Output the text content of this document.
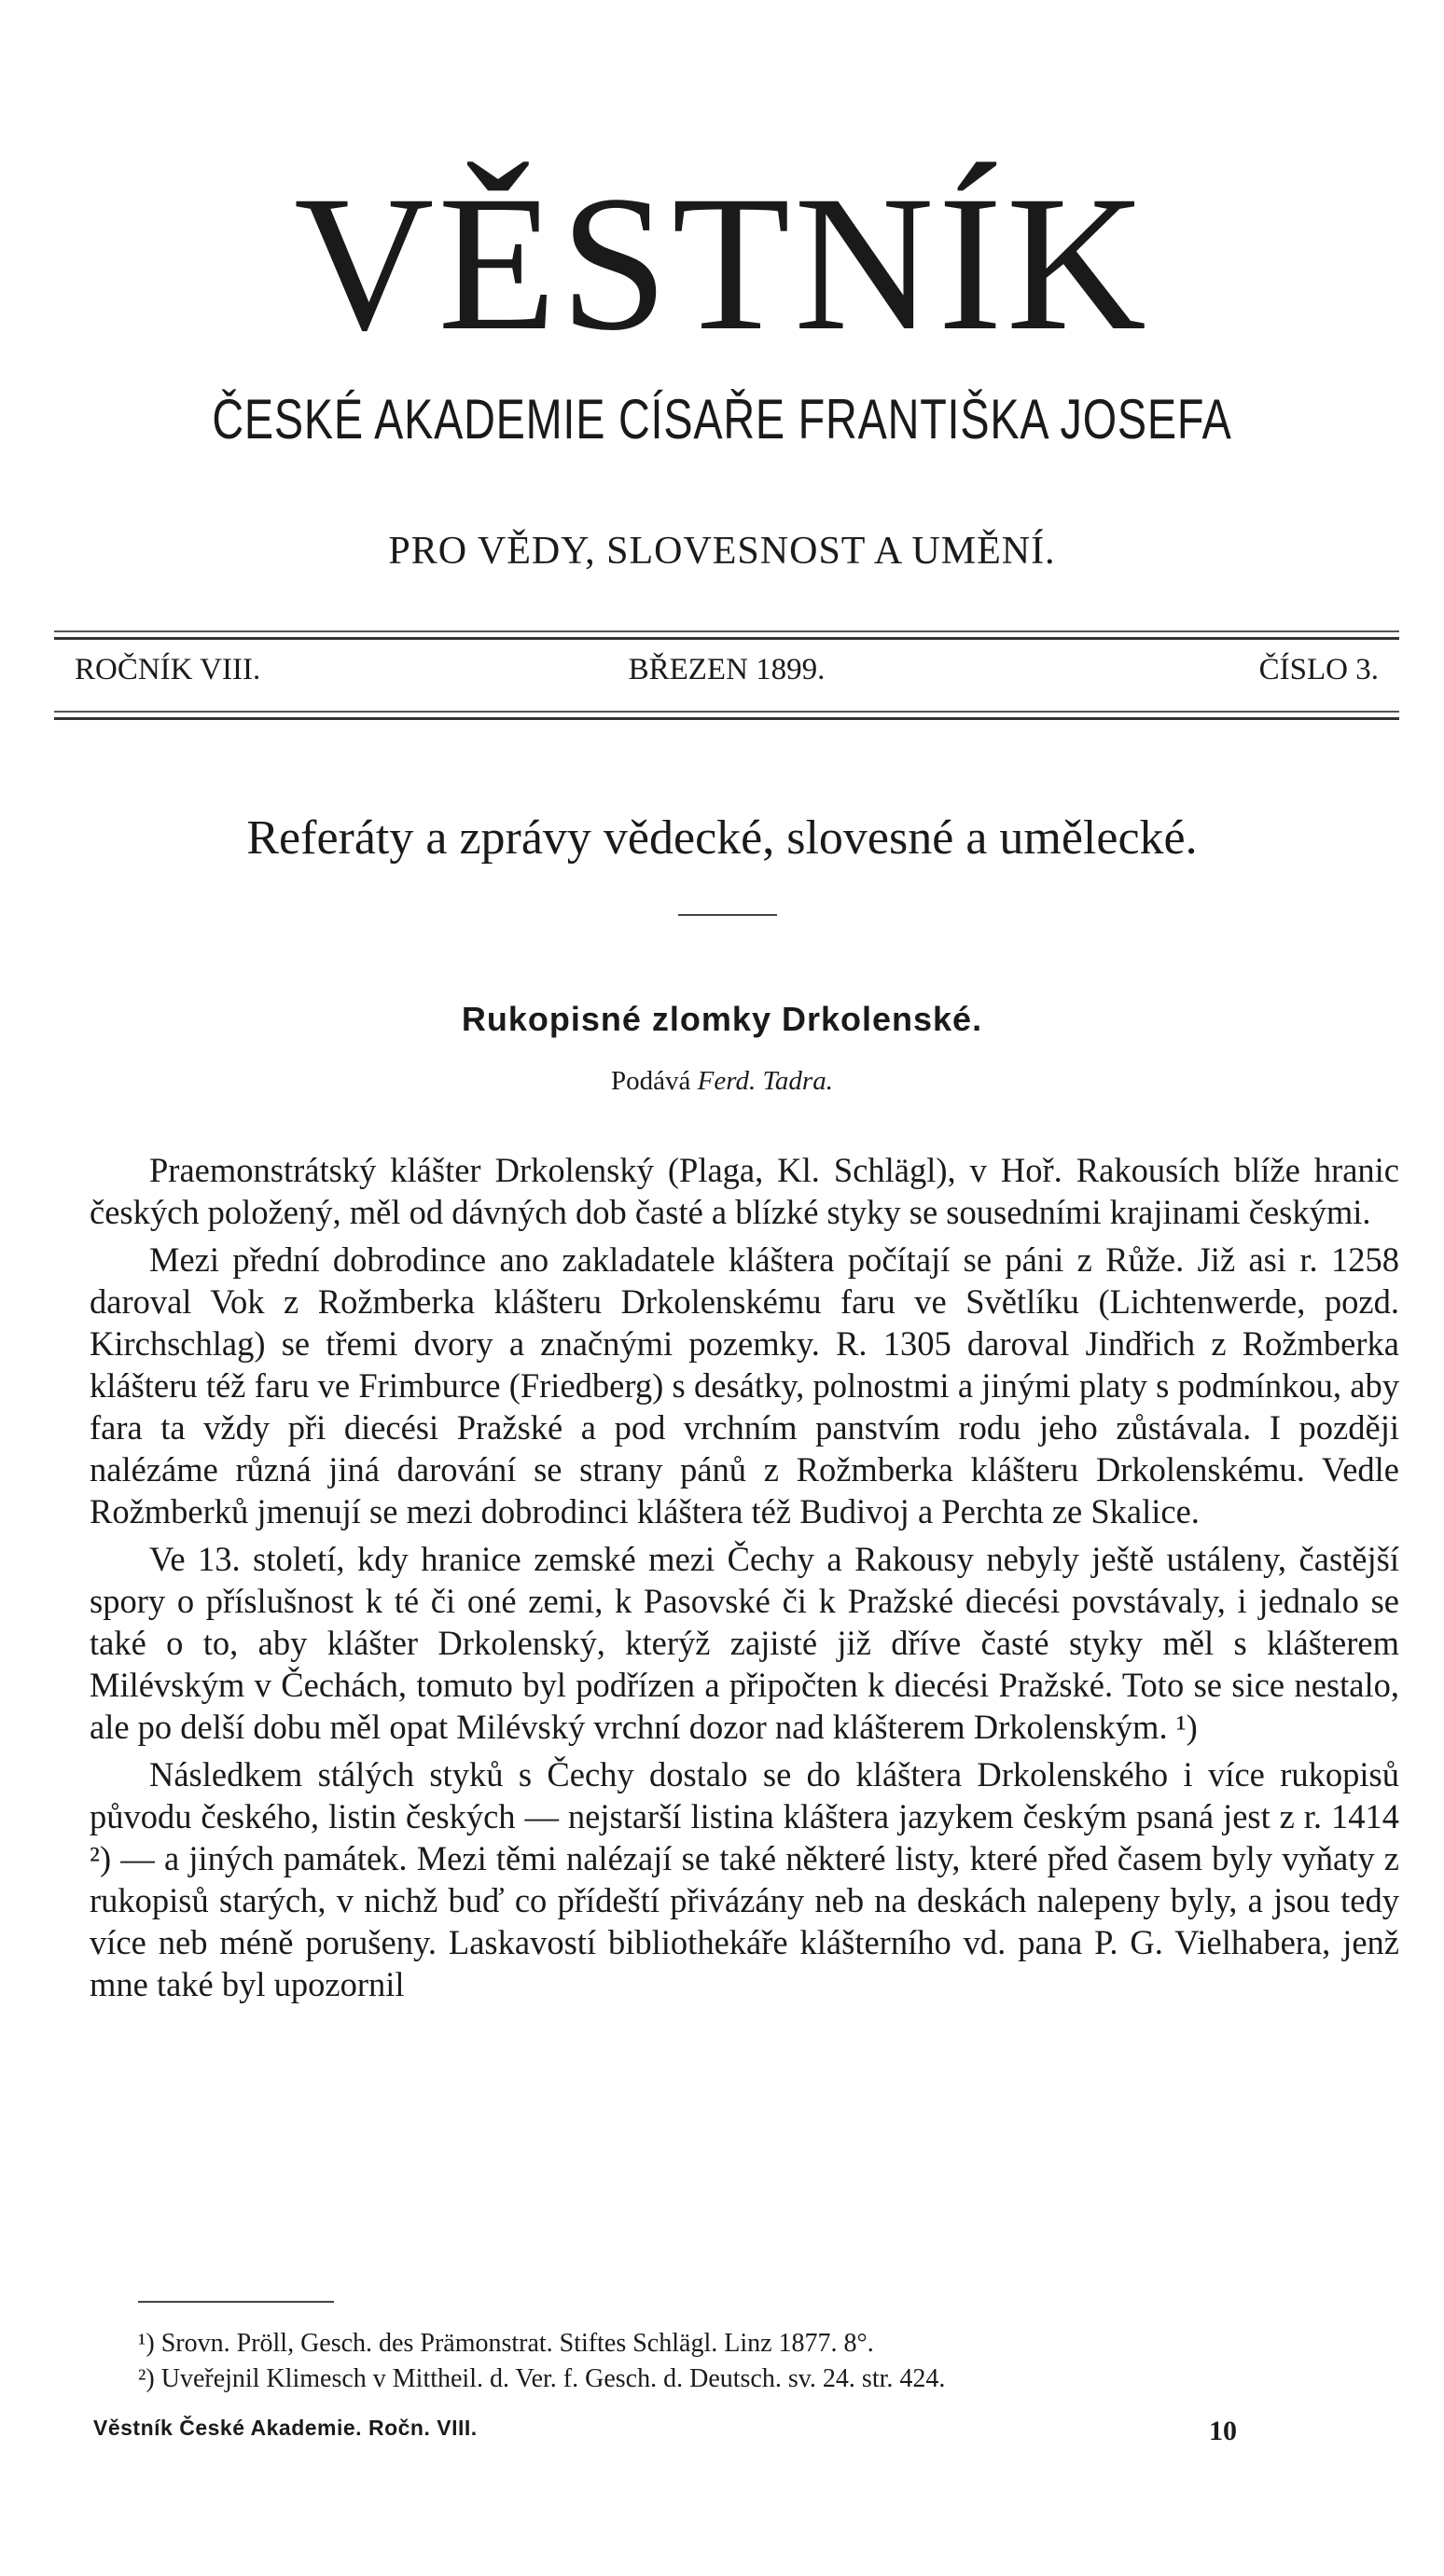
VĚSTNÍK
ČESKÉ AKADEMIE CÍSAŘE FRANTIŠKA JOSEFA
PRO VĚDY, SLOVESNOST A UMĚNÍ.
ROČNÍK VIII.	BŘEZEN 1899.	ČÍSLO 3.
Referáty a zprávy vědecké, slovesné a umělecké.
Rukopisné zlomky Drkolenské.
Podává Ferd. Tadra.

Praemonstrátský klášter Drkolenský (Plaga, Kl. Schlägl), v Hoř. Rakousích blíže hranic českých položený, měl od dávných dob časté a blízké styky se sousedními krajinami českými.

Mezi přední dobrodince ano zakladatele kláštera počítají se páni z Růže. Již asi r. 1258 daroval Vok z Rožmberka klášteru Drkolenskému faru ve Světlíku (Lichtenwerde, pozd. Kirchschlag) se třemi dvory a značnými pozemky. R. 1305 daroval Jindřich z Rožmberka klášteru též faru ve Frimburce (Friedberg) s desátky, polnostmi a jinými platy s podmínkou, aby fara ta vždy při diecési Pražské a pod vrchním panstvím rodu jeho zůstávala. I později nalézáme různá jiná darování se strany pánů z Rožmberka klášteru Drkolenskému. Vedle Rožmberků jmenují se mezi dobrodinci kláštera též Budivoj a Perchta ze Skalice.

Ve 13. století, kdy hranice zemské mezi Čechy a Rakousy nebyly ještě ustáleny, častější spory o příslušnost k té či oné zemi, k Pasovské či k Pražské diecési povstávaly, i jednalo se také o to, aby klášter Drkolenský, kterýž zajisté již dříve časté styky měl s klášterem Milévským v Čechách, tomuto byl podřízen a připočten k diecési Pražské. Toto se sice nestalo, ale po delší dobu měl opat Milévský vrchní dozor nad klášterem Drkolenským. ¹)

Následkem stálých styků s Čechy dostalo se do kláštera Drkolenského i více rukopisů původu českého, listin českých — nejstarší listina kláštera jazykem českým psaná jest z r. 1414 ²) — a jiných památek. Mezi těmi nalézají se také některé listy, které před časem byly vyňaty z rukopisů starých, v nichž buď co přídeští přivázány neb na deskách nalepeny byly, a jsou tedy více neb méně porušeny. Laskavostí bibliothekáře klášterního vd. pana P. G. Vielhabera, jenž mne také byl upozornil

¹) Srovn. Pröll, Gesch. des Prämonstrat. Stiftes Schlägl. Linz 1877. 8°.
²) Uveřejnil Klimesch v Mittheil. d. Ver. f. Gesch. d. Deutsch. sv. 24. str. 424.
Věstník České Akademie. Ročn. VIII.	10
